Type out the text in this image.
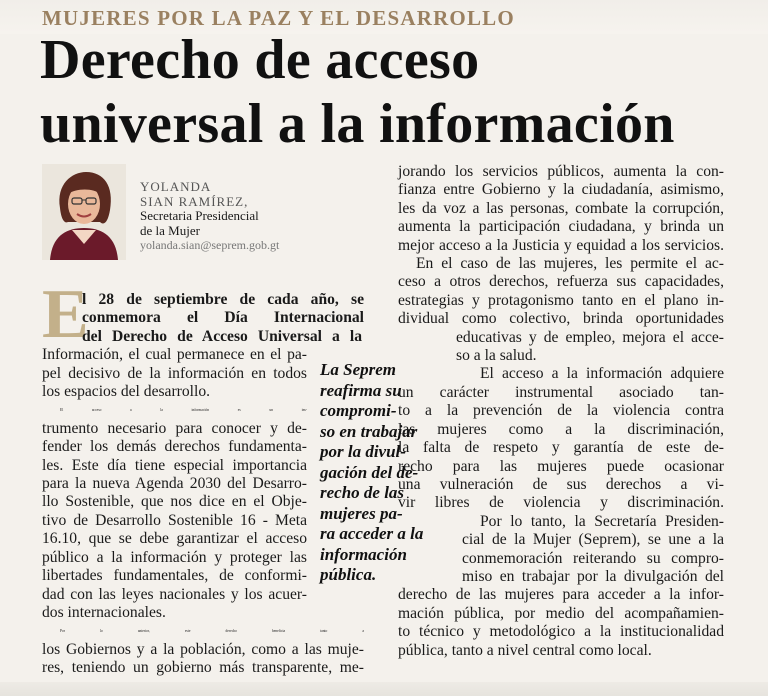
MUJERES POR LA PAZ Y EL DESARROLLO
Derecho de acceso
universal a la información
YOLANDA
SIAN RAMÍREZ,
Secretaria Presidencial
de la Mujer
yolanda.sian@seprem.gob.gt
E
l 28 de septiembre de cada año, se
conmemora el Día Internacional
del Derecho de Acceso Universal a la
Información, el cual permanece en el pa-
pel decisivo de la información en todos
los espacios del desarrollo.
El acceso a la información es un ins-
trumento necesario para conocer y de-
fender los demás derechos fundamenta-
les. Este día tiene especial importancia
para la nueva Agenda 2030 del Desarro-
llo Sostenible, que nos dice en el Obje-
tivo de Desarrollo Sostenible 16 - Meta
16.10, que se debe garantizar el acceso
público a la información y proteger las
libertades fundamentales, de conformi-
dad con las leyes nacionales y los acuer-
dos internacionales.
Por lo anterior, este derecho beneficia tanto a
los Gobiernos y a la población, como a las muje-
res, teniendo un gobierno más transparente, me-
La Seprem
reafirma su
compromi-
so en trabajar
por la divul-
gación del de-
recho de las
mujeres pa-
ra acceder a la
información
pública.
jorando los servicios públicos, aumenta la con-
fianza entre Gobierno y la ciudadanía, asimismo,
les da voz a las personas, combate la corrupción,
aumenta la participación ciudadana, y brinda un
mejor acceso a la Justicia y equidad a los servicios.
En el caso de las mujeres, les permite el ac-
ceso a otros derechos, refuerza sus capacidades,
estrategias y protagonismo tanto en el plano in-
dividual como colectivo, brinda oportunidades
educativas y de empleo, mejora el acce-
so a la salud.
El acceso a la información adquiere
un carácter instrumental asociado tan-
to a la prevención de la violencia contra
las mujeres como a la discriminación,
la falta de respeto y garantía de este de-
recho para las mujeres puede ocasionar
una vulneración de sus derechos a vi-
vir libres de violencia y discriminación.
Por lo tanto, la Secretaría Presiden-
cial de la Mujer (Seprem), se une a la
conmemoración reiterando su compro-
miso en trabajar por la divulgación del
derecho de las mujeres para acceder a la infor-
mación pública, por medio del acompañamien-
to técnico y metodológico a la institucionalidad
pública, tanto a nivel central como local.
